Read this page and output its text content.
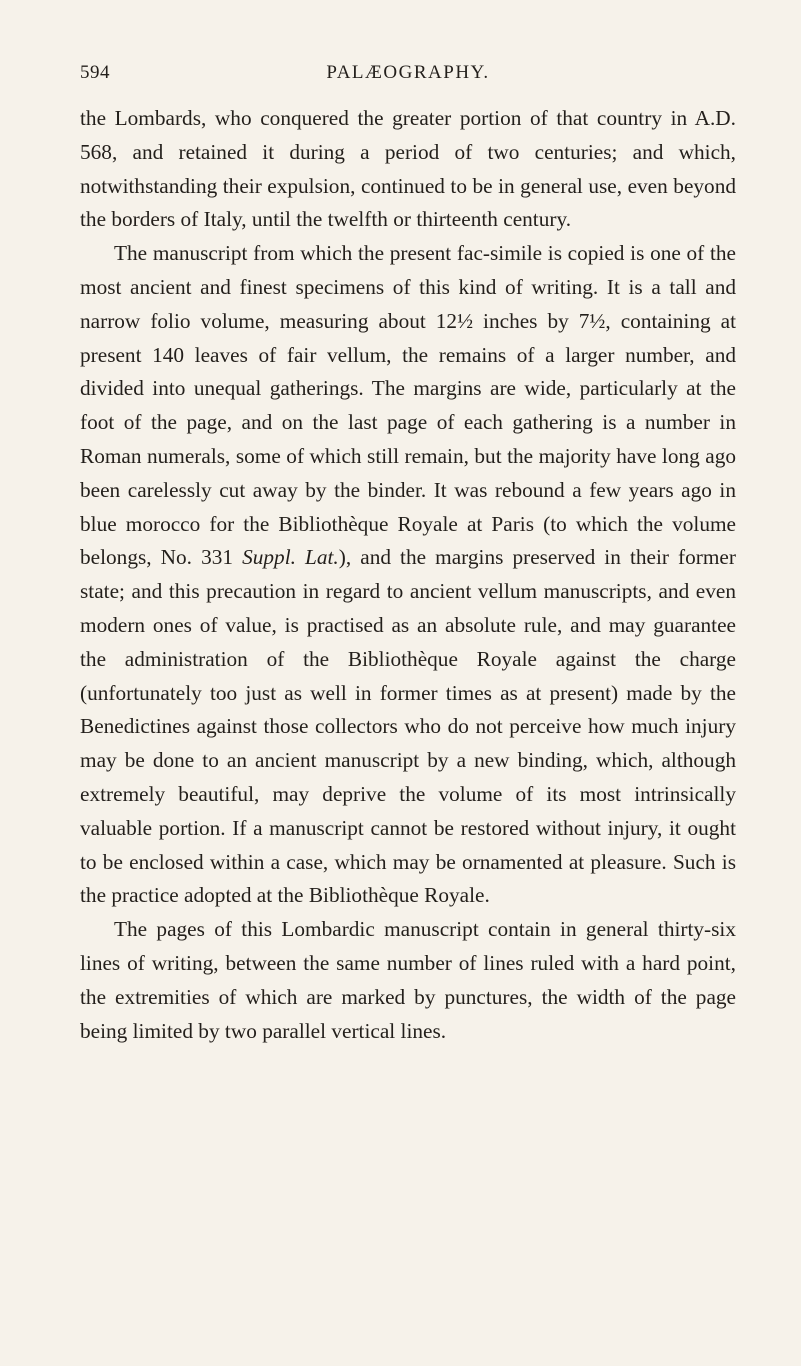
594	PALÆOGRAPHY.

the Lombards, who conquered the greater portion of that country in A.D. 568, and retained it during a period of two centuries; and which, notwithstanding their expulsion, continued to be in general use, even beyond the borders of Italy, until the twelfth or thirteenth century.

The manuscript from which the present fac-simile is copied is one of the most ancient and finest specimens of this kind of writing. It is a tall and narrow folio volume, measuring about 12½ inches by 7½, containing at present 140 leaves of fair vellum, the remains of a larger number, and divided into unequal gatherings. The margins are wide, particularly at the foot of the page, and on the last page of each gathering is a number in Roman numerals, some of which still remain, but the majority have long ago been carelessly cut away by the binder. It was rebound a few years ago in blue morocco for the Bibliothèque Royale at Paris (to which the volume belongs, No. 331 Suppl. Lat.), and the margins preserved in their former state; and this precaution in regard to ancient vellum manuscripts, and even modern ones of value, is practised as an absolute rule, and may guarantee the administration of the Bibliothèque Royale against the charge (unfortunately too just as well in former times as at present) made by the Benedictines against those collectors who do not perceive how much injury may be done to an ancient manuscript by a new binding, which, although extremely beautiful, may deprive the volume of its most intrinsically valuable portion. If a manuscript cannot be restored without injury, it ought to be enclosed within a case, which may be ornamented at pleasure. Such is the practice adopted at the Bibliothèque Royale.

The pages of this Lombardic manuscript contain in general thirty-six lines of writing, between the same number of lines ruled with a hard point, the extremities of which are marked by punctures, the width of the page being limited by two parallel vertical lines.
